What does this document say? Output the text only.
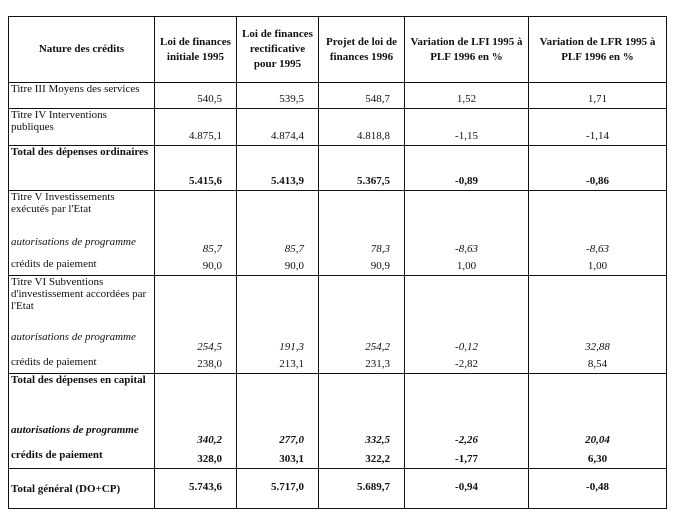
Nature des crédits	Loi de finances initiale 1995	Loi de finances rectificative pour 1995	Projet de loi de finances 1996	Variation de LFI 1995 à PLF 1996 en %	Variation de LFR 1995 à PLF 1996 en %
Titre III Moyens des services	540,5	539,5	548,7	1,52	1,71
Titre IV Interventions publiques	4.875,1	4.874,4	4.818,8	-1,15	-1,14
Total des dépenses ordinaires	5.415,6	5.413,9	5.367,5	-0,89	-0,86
Titre V Investissements exécutés par l'Etat					
autorisations de programme	85,7	85,7	78,3	-8,63	-8,63
crédits de paiement	90,0	90,0	90,9	1,00	1,00
Titre VI Subventions d'investissement accordées par l'Etat					
autorisations de programme	254,5	191,3	254,2	-0,12	32,88
crédits de paiement	238,0	213,1	231,3	-2,82	8,54
Total des dépenses en capital					
autorisations de programme	340,2	277,0	332,5	-2,26	20,04
crédits de paiement	328,0	303,1	322,2	-1,77	6,30
Total général (DO+CP)	5.743,6	5.717,0	5.689,7	-0,94	-0,48
